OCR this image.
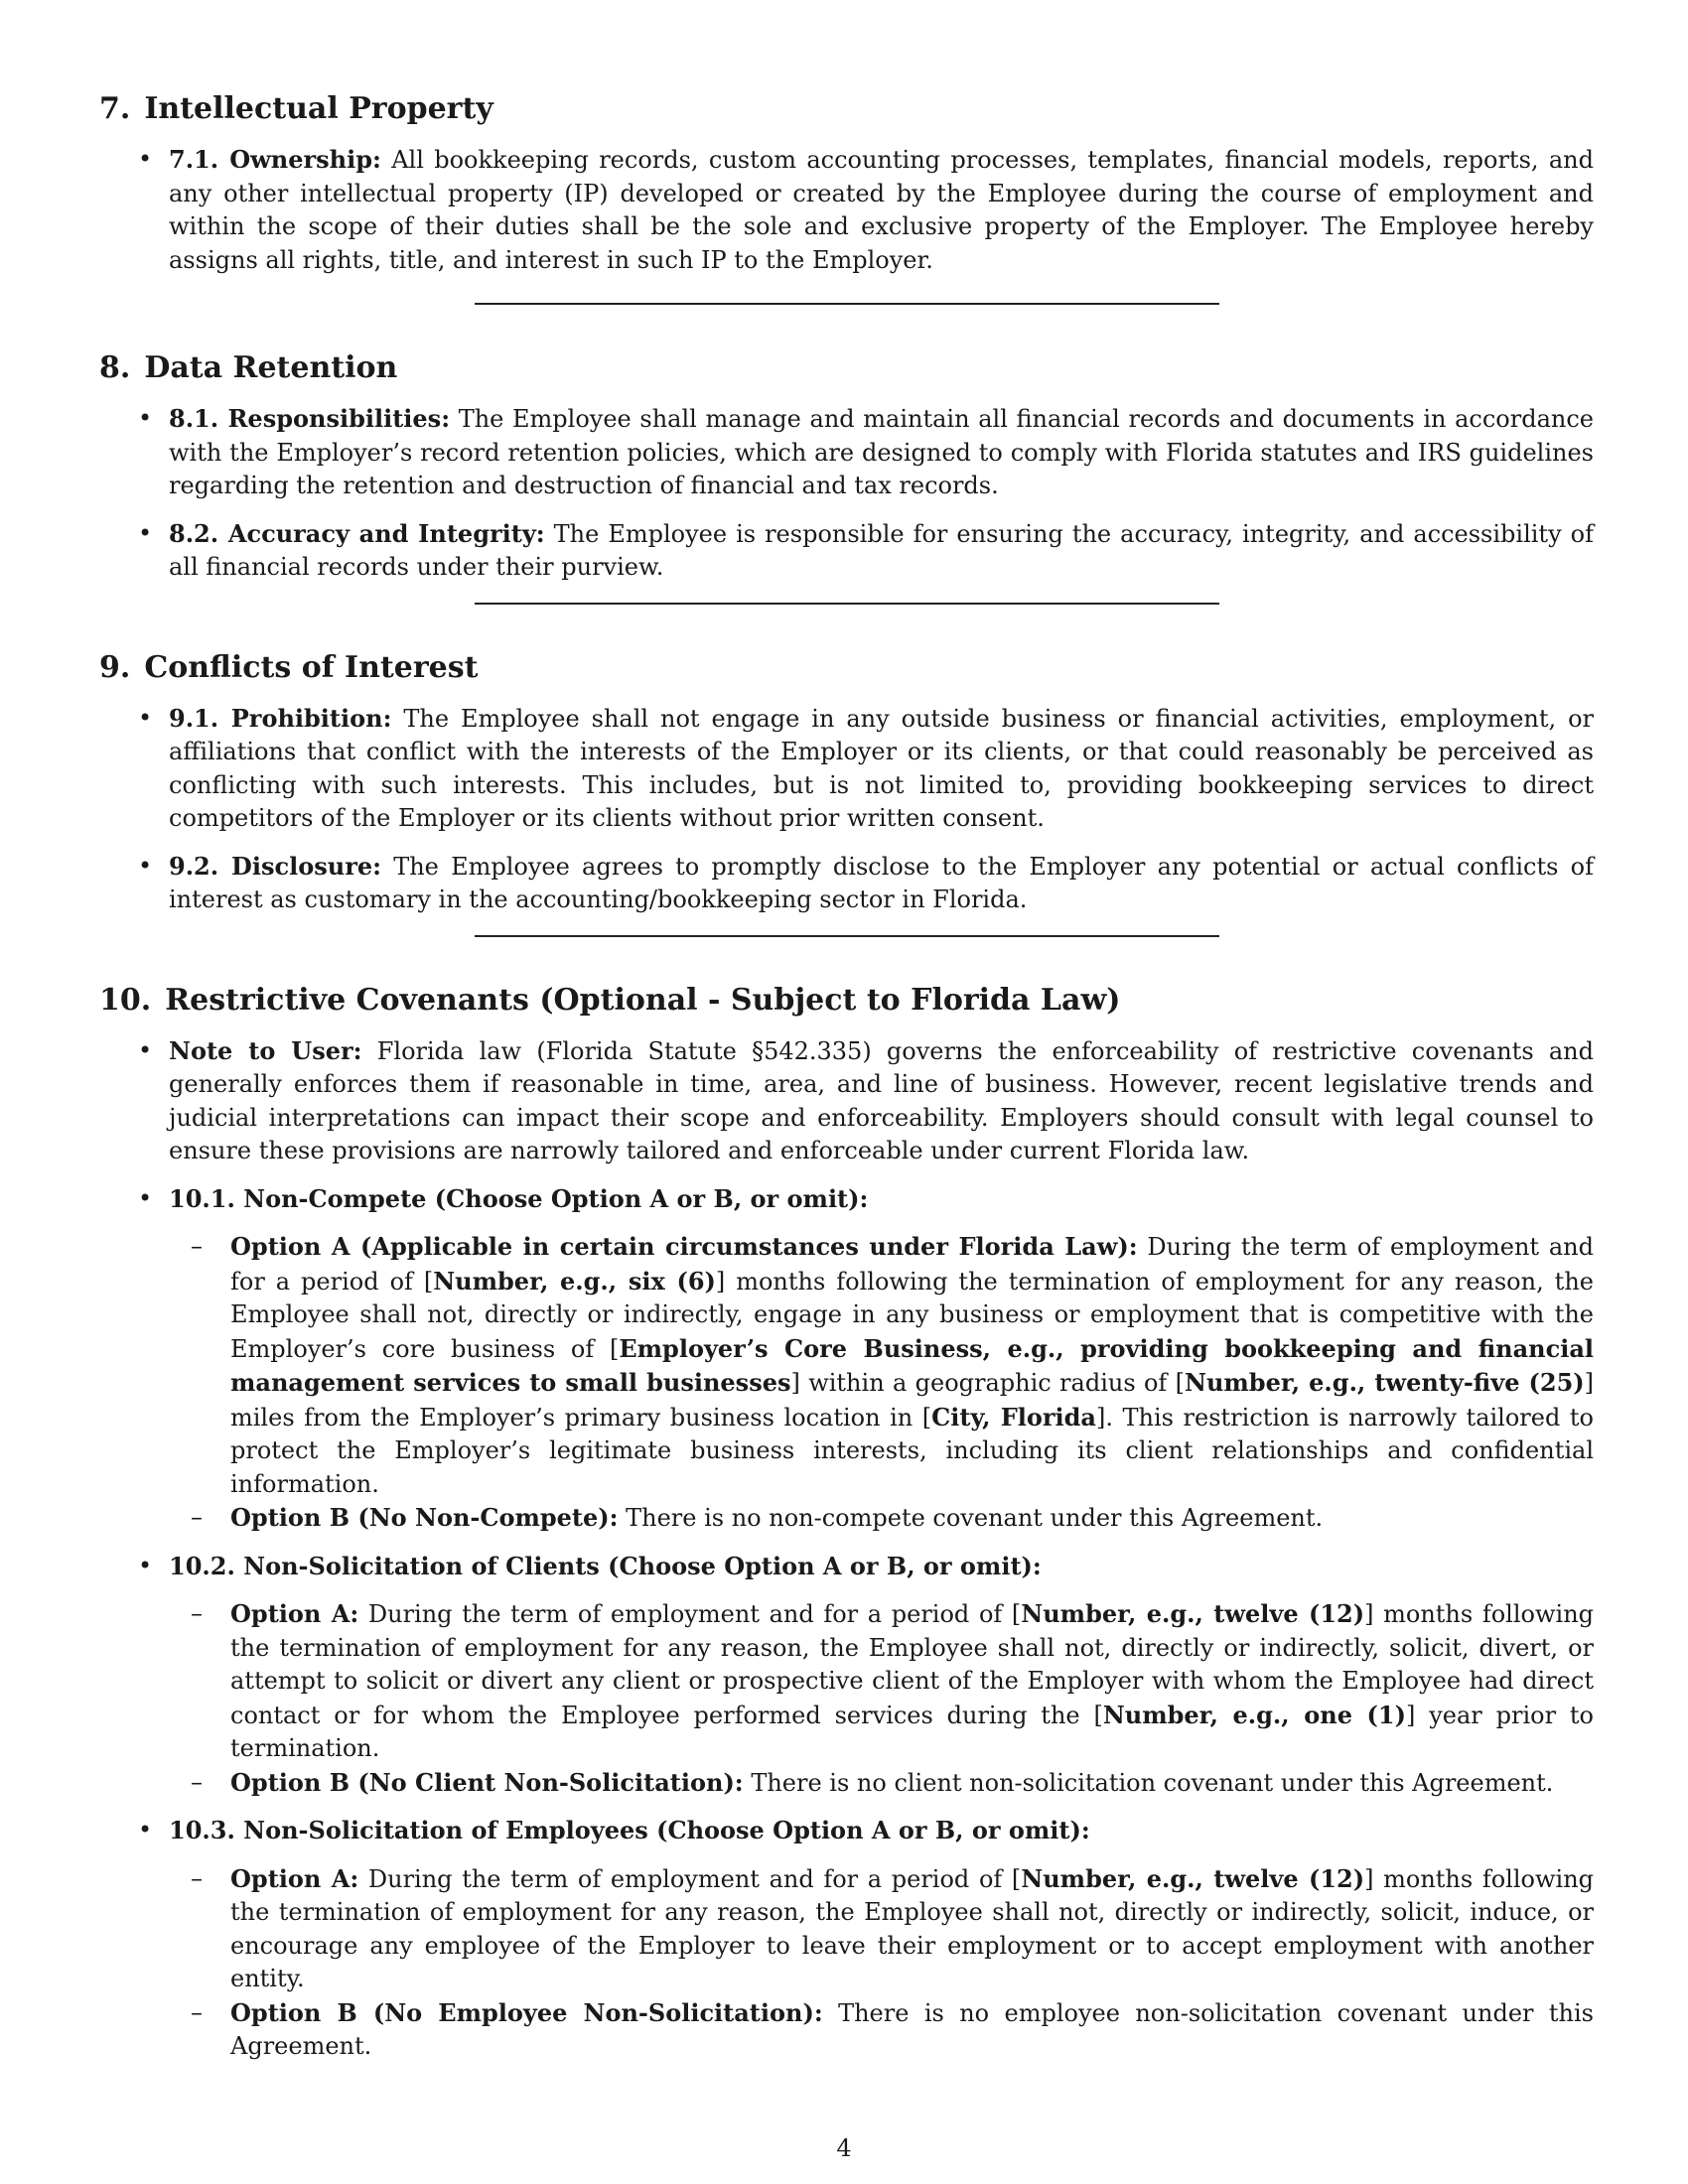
7. Intellectual Property
• 7.1. Ownership: All bookkeeping records, custom accounting processes, templates, financial models, reports, and any other intellectual property (IP) developed or created by the Employee during the course of employment and within the scope of their duties shall be the sole and exclusive property of the Employer. The Employee hereby assigns all rights, title, and interest in such IP to the Employer.
8. Data Retention
• 8.1. Responsibilities: The Employee shall manage and maintain all financial records and documents in accordance with the Employer’s record retention policies, which are designed to comply with Florida statutes and IRS guidelines regarding the retention and destruction of financial and tax records.
• 8.2. Accuracy and Integrity: The Employee is responsible for ensuring the accuracy, integrity, and accessibility of all financial records under their purview.
9. Conflicts of Interest
• 9.1. Prohibition: The Employee shall not engage in any outside business or financial activities, employment, or affiliations that conflict with the interests of the Employer or its clients, or that could reasonably be perceived as conflicting with such interests. This includes, but is not limited to, providing bookkeeping services to direct competitors of the Employer or its clients without prior written consent.
• 9.2. Disclosure: The Employee agrees to promptly disclose to the Employer any potential or actual conflicts of interest as customary in the accounting/bookkeeping sector in Florida.
10. Restrictive Covenants (Optional - Subject to Florida Law)
• Note to User: Florida law (Florida Statute §542.335) governs the enforceability of restrictive covenants and generally enforces them if reasonable in time, area, and line of business. However, recent legislative trends and judicial interpretations can impact their scope and enforceability. Employers should consult with legal counsel to ensure these provisions are narrowly tailored and enforceable under current Florida law.
• 10.1. Non-Compete (Choose Option A or B, or omit):
– Option A (Applicable in certain circumstances under Florida Law): During the term of employment and for a period of [Number, e.g., six (6)] months following the termination of employment for any reason, the Employee shall not, directly or indirectly, engage in any business or employment that is competitive with the Employer’s core business of [Employer’s Core Business, e.g., providing bookkeeping and financial management services to small businesses] within a geographic radius of [Number, e.g., twenty-five (25)] miles from the Employer’s primary business location in [City, Florida]. This restriction is narrowly tailored to protect the Employer’s legitimate business interests, including its client relationships and confidential information.
– Option B (No Non-Compete): There is no non-compete covenant under this Agreement.
• 10.2. Non-Solicitation of Clients (Choose Option A or B, or omit):
– Option A: During the term of employment and for a period of [Number, e.g., twelve (12)] months following the termination of employment for any reason, the Employee shall not, directly or indirectly, solicit, divert, or attempt to solicit or divert any client or prospective client of the Employer with whom the Employee had direct contact or for whom the Employee performed services during the [Number, e.g., one (1)] year prior to termination.
– Option B (No Client Non-Solicitation): There is no client non-solicitation covenant under this Agreement.
• 10.3. Non-Solicitation of Employees (Choose Option A or B, or omit):
– Option A: During the term of employment and for a period of [Number, e.g., twelve (12)] months following the termination of employment for any reason, the Employee shall not, directly or indirectly, solicit, induce, or encourage any employee of the Employer to leave their employment or to accept employment with another entity.
– Option B (No Employee Non-Solicitation): There is no employee non-solicitation covenant under this Agreement.
4
